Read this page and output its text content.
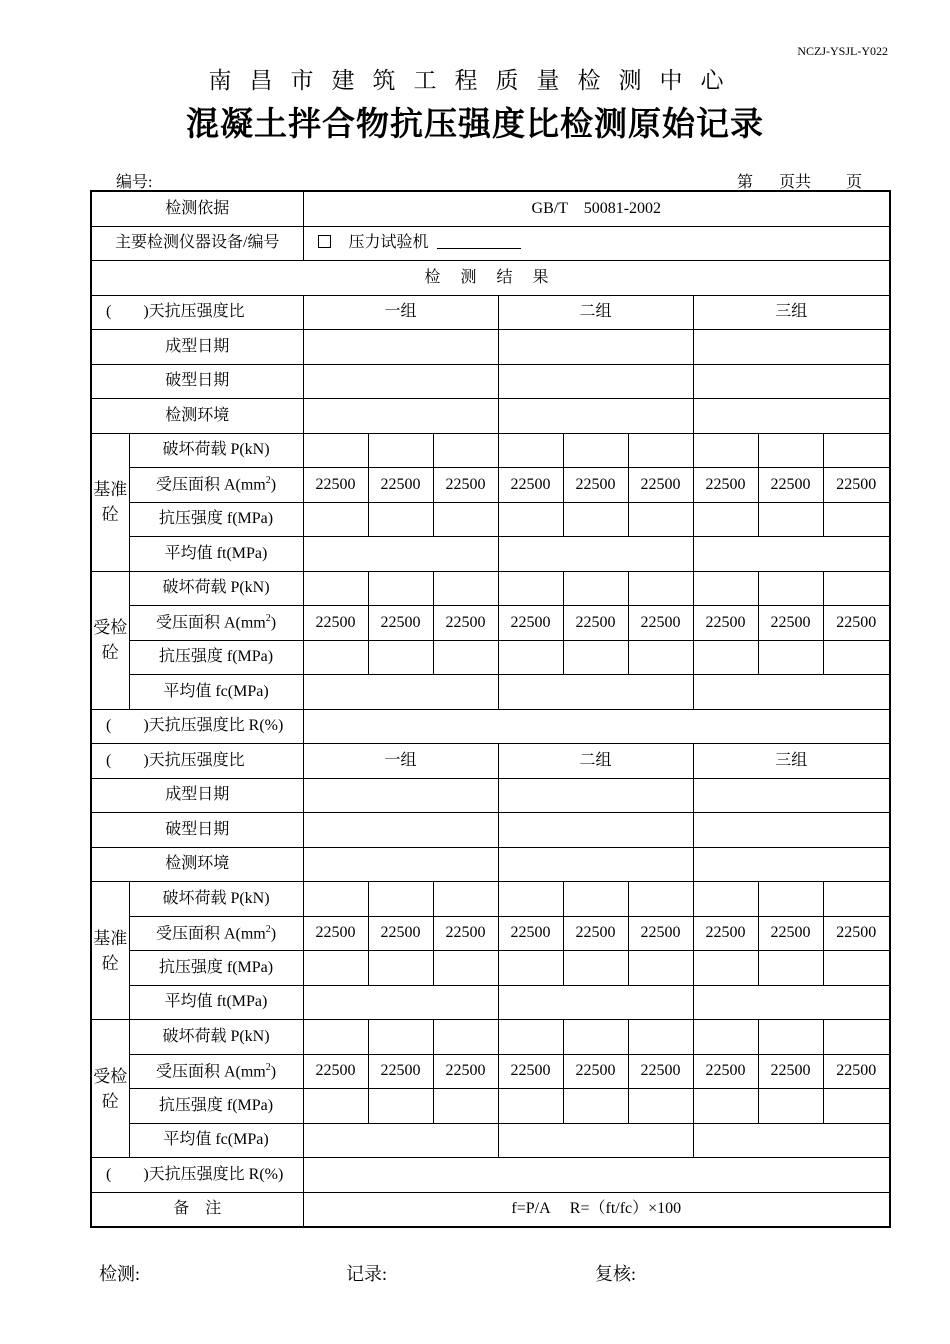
NCZJ-YSJL-Y022
南昌市建筑工程质量检测中心
混凝土拌合物抗压强度比检测原始记录
编号:	第 页共 页
检测依据		GB/T　50081-2002								
主要检测仪器设备/编号		压力试验机								
检 测 结 果										
(　　)天抗压强度比		一组			二组			三组		
成型日期										
破型日期										
检测环境										
基准砼	破坏荷载 P(kN)									
	受压面积 $A(mm^2)$	22500	22500	22500	22500	22500	22500	22500	22500	22500
	抗压强度 f(MPa)									
	平均值 ft(MPa)									
受检砼	破坏荷载 P(kN)									
	受压面积 $A(mm^2)$	22500	22500	22500	22500	22500	22500	22500	22500	22500
	抗压强度 f(MPa)									
	平均值 fc(MPa)									
(　　)天抗压强度比 R(%)										
(　　)天抗压强度比		一组			二组			三组		
成型日期										
破型日期										
检测环境										
基准砼	破坏荷载 P(kN)									
	受压面积 $A(mm^2)$	22500	22500	22500	22500	22500	22500	22500	22500	22500
	抗压强度 f(MPa)									
	平均值 ft(MPa)									
受检砼	破坏荷载 P(kN)									
	受压面积 $A(mm^2)$	22500	22500	22500	22500	22500	22500	22500	22500	22500
	抗压强度 f(MPa)									
	平均值 fc(MPa)									
(　　)天抗压强度比 R(%)										
备　注		f=P/A　 R=（ft/fc）×100								
检测:	记录:	复核:
